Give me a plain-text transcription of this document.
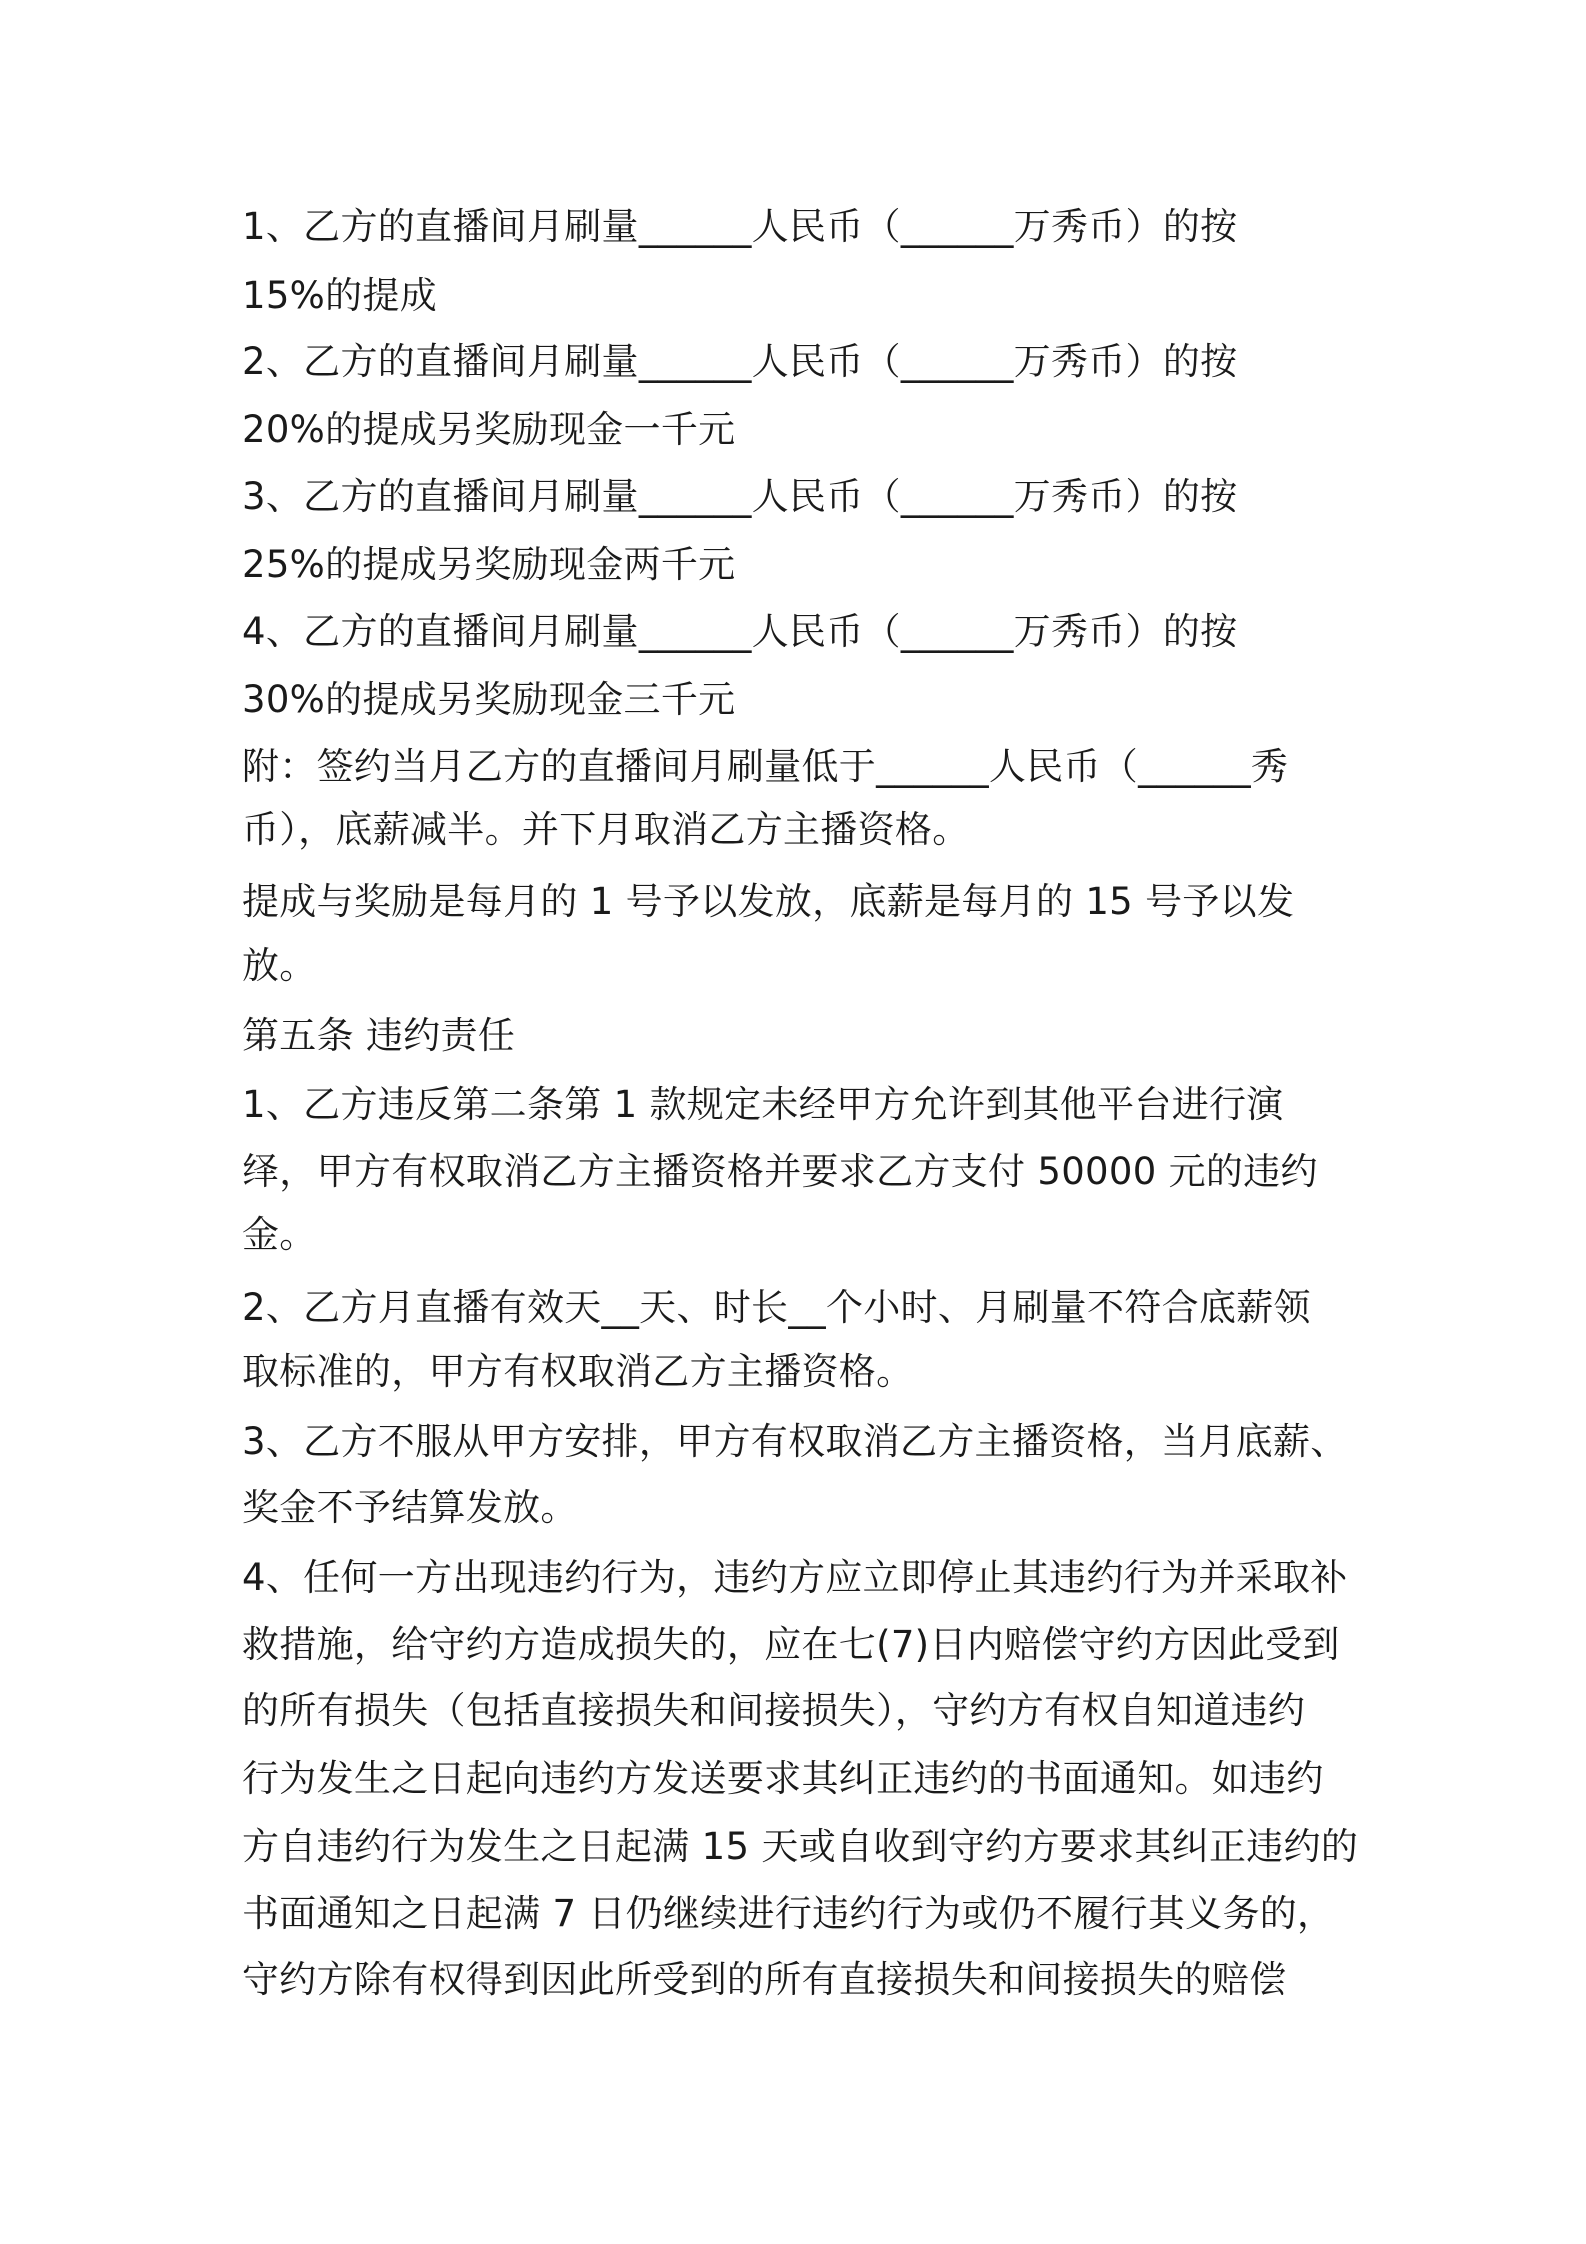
1、乙方的直播间月刷量______人民币（______万秀币）的按
15%的提成
2、乙方的直播间月刷量______人民币（______万秀币）的按
20%的提成另奖励现金一千元
3、乙方的直播间月刷量______人民币（______万秀币）的按
25%的提成另奖励现金两千元
4、乙方的直播间月刷量______人民币（______万秀币）的按
30%的提成另奖励现金三千元
附：签约当月乙方的直播间月刷量低于______人民币（______秀
币），底薪减半。并下月取消乙方主播资格。
提成与奖励是每月的 1 号予以发放，底薪是每月的 15 号予以发
放。
第五条 违约责任
1、乙方违反第二条第 1 款规定未经甲方允许到其他平台进行演
绎，甲方有权取消乙方主播资格并要求乙方支付 50000 元的违约
金。
2、乙方月直播有效天__天、时长__个小时、月刷量不符合底薪领
取标准的，甲方有权取消乙方主播资格。
3、乙方不服从甲方安排，甲方有权取消乙方主播资格，当月底薪、
奖金不予结算发放。
4、任何一方出现违约行为，违约方应立即停止其违约行为并采取补
救措施，给守约方造成损失的，应在七(7)日内赔偿守约方因此受到
的所有损失（包括直接损失和间接损失），守约方有权自知道违约
行为发生之日起向违约方发送要求其纠正违约的书面通知。如违约
方自违约行为发生之日起满 15 天或自收到守约方要求其纠正违约的
书面通知之日起满 7 日仍继续进行违约行为或仍不履行其义务的，
守约方除有权得到因此所受到的所有直接损失和间接损失的赔偿
